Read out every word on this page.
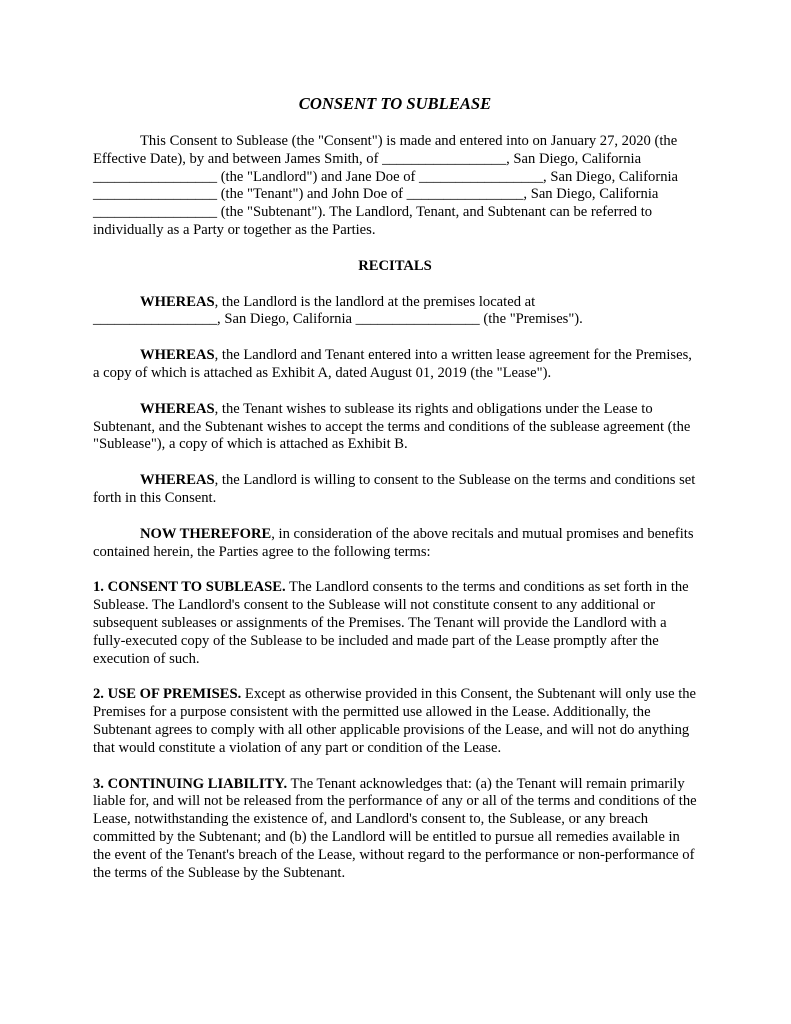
CONSENT TO SUBLEASE

This Consent to Sublease (the "Consent") is made and entered into on January 27, 2020 (the Effective Date), by and between James Smith, of _________________, San Diego, California _________________ (the "Landlord") and Jane Doe of _________________, San Diego, California _________________ (the "Tenant") and John Doe of ________________, San Diego, California _________________ (the "Subtenant"). The Landlord, Tenant, and Subtenant can be referred to individually as a Party or together as the Parties.

RECITALS

WHEREAS, the Landlord is the landlord at the premises located at
_________________, San Diego, California _________________ (the "Premises").

WHEREAS, the Landlord and Tenant entered into a written lease agreement for the Premises, a copy of which is attached as Exhibit A, dated August 01, 2019 (the "Lease").

WHEREAS, the Tenant wishes to sublease its rights and obligations under the Lease to Subtenant, and the Subtenant wishes to accept the terms and conditions of the sublease agreement (the "Sublease"), a copy of which is attached as Exhibit B.

WHEREAS, the Landlord is willing to consent to the Sublease on the terms and conditions set forth in this Consent.

NOW THEREFORE, in consideration of the above recitals and mutual promises and benefits contained herein, the Parties agree to the following terms:

1. CONSENT TO SUBLEASE. The Landlord consents to the terms and conditions as set forth in the Sublease. The Landlord's consent to the Sublease will not constitute consent to any additional or subsequent subleases or assignments of the Premises. The Tenant will provide the Landlord with a fully-executed copy of the Sublease to be included and made part of the Lease promptly after the execution of such.

2. USE OF PREMISES. Except as otherwise provided in this Consent, the Subtenant will only use the Premises for a purpose consistent with the permitted use allowed in the Lease. Additionally, the Subtenant agrees to comply with all other applicable provisions of the Lease, and will not do anything that would constitute a violation of any part or condition of the Lease.

3. CONTINUING LIABILITY. The Tenant acknowledges that: (a) the Tenant will remain primarily liable for, and will not be released from the performance of any or all of the terms and conditions of the Lease, notwithstanding the existence of, and Landlord's consent to, the Sublease, or any breach committed by the Subtenant; and (b) the Landlord will be entitled to pursue all remedies available in the event of the Tenant's breach of the Lease, without regard to the performance or non-performance of the terms of the Sublease by the Subtenant.
